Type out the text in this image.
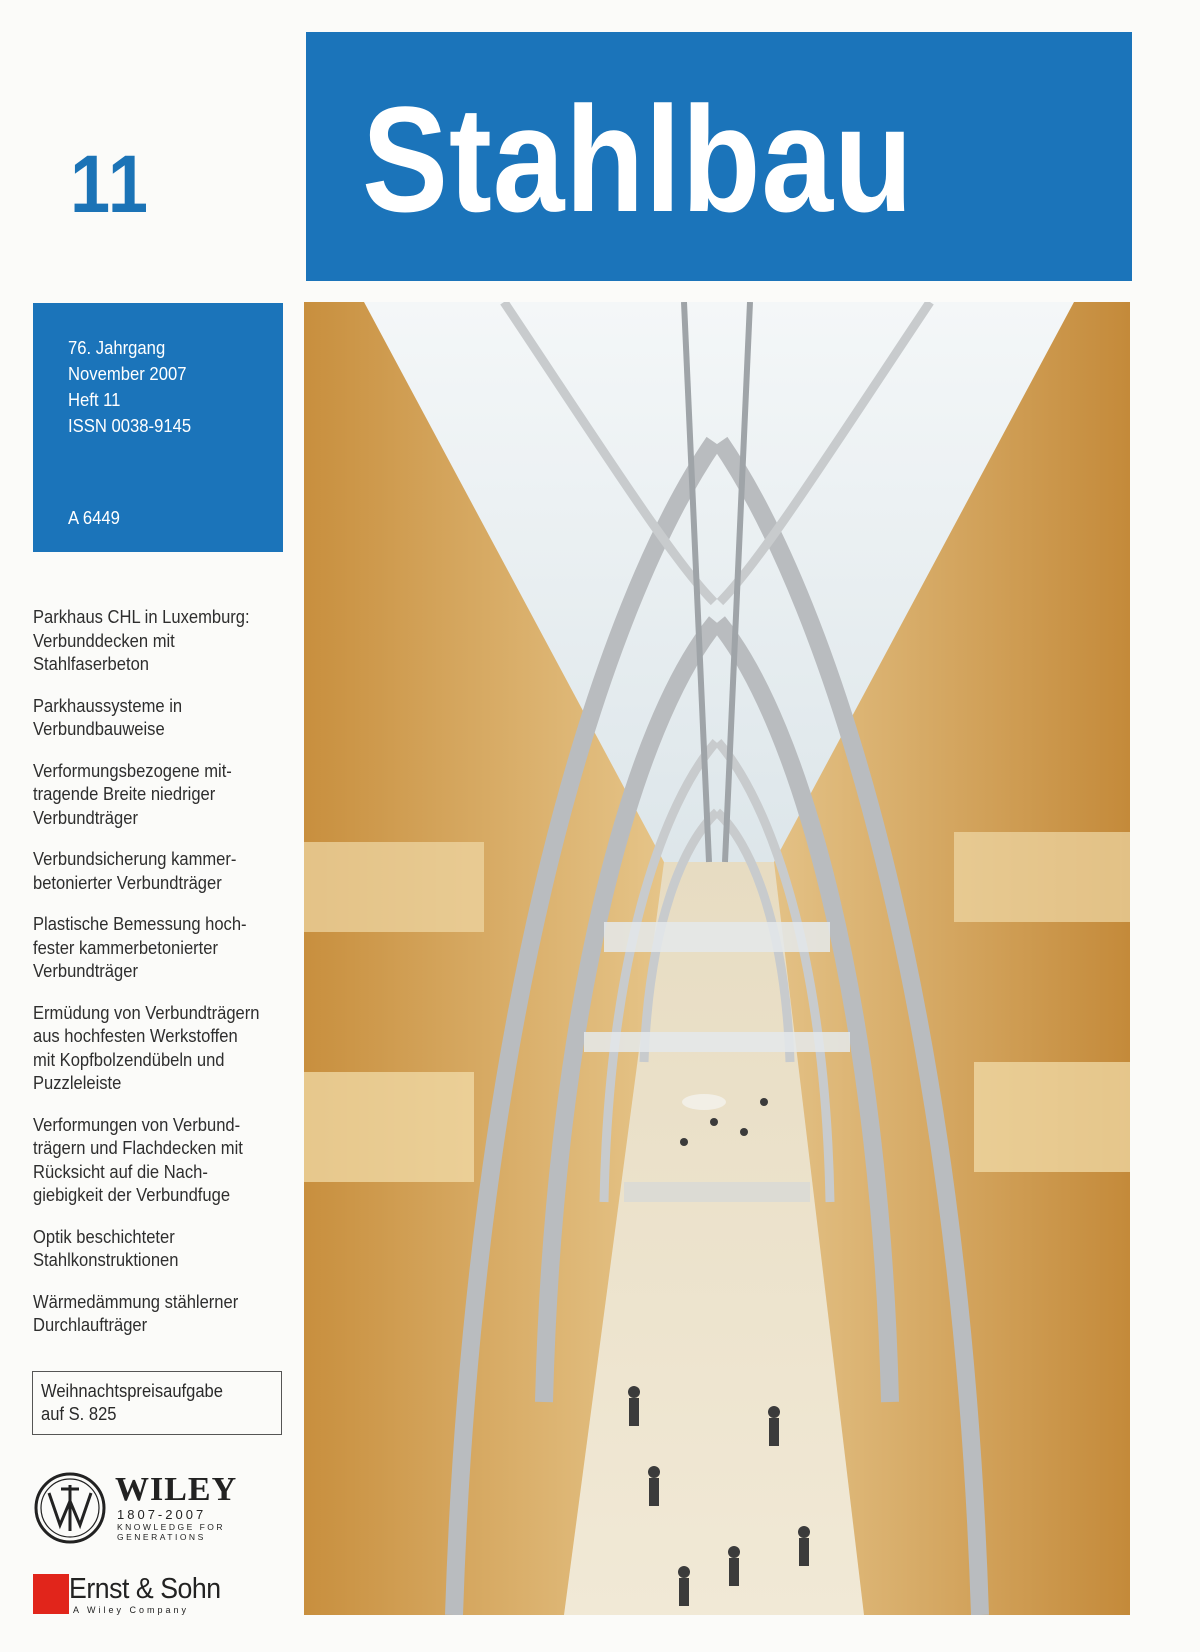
11 Stahlbau
76. Jahrgang
November 2007
Heft 11
ISSN 0038-9145
A 6449
Parkhaus CHL in Luxemburg:
Verbunddecken mit
Stahlfaserbeton
Parkhaussysteme in
Verbundbauweise
Verformungsbezogene mit-
tragende Breite niedriger
Verbundträger
Verbundsicherung kammer-
betonierter Verbundträger
Plastische Bemessung hoch-
fester kammerbetonierter
Verbundträger
Ermüdung von Verbundträgern
aus hochfesten Werkstoffen
mit Kopfbolzendübeln und
Puzzleleiste
Verformungen von Verbund-
trägern und Flachdecken mit
Rücksicht auf die Nach-
giebigkeit der Verbundfuge
Optik beschichteter
Stahlkonstruktionen
Wärmedämmung stählerner
Durchlaufträger
Weihnachtspreisaufgabe
auf S. 825
WILEY
1807-2007
KNOWLEDGE FOR
GENERATIONS
Ernst & Sohn
A Wiley Company
